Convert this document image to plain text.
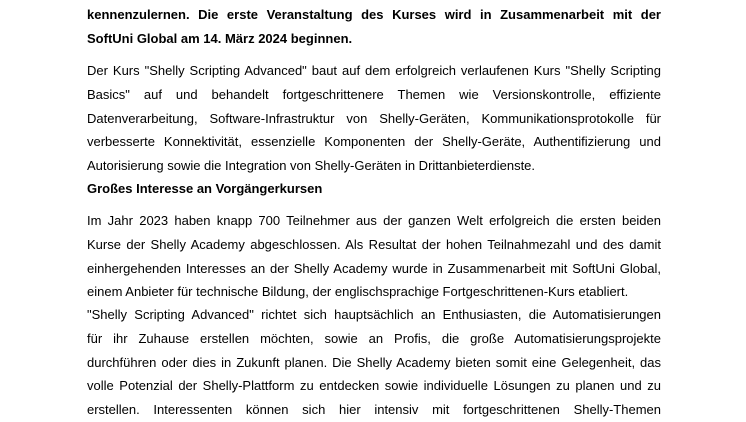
kennenzulernen. Die erste Veranstaltung des Kurses wird in Zusammenarbeit mit der
SoftUni Global am 14. März 2024 beginnen.
Der Kurs "Shelly Scripting Advanced" baut auf dem erfolgreich verlaufenen Kurs "Shelly Scripting
Basics" auf und behandelt fortgeschrittenere Themen wie Versionskontrolle, effiziente
Datenverarbeitung, Software-Infrastruktur von Shelly-Geräten, Kommunikationsprotokolle für
verbesserte Konnektivität, essenzielle Komponenten der Shelly-Geräte, Authentifizierung und
Autorisierung sowie die Integration von Shelly-Geräten in Drittanbieterdienste.
Großes Interesse an Vorgängerkursen
Im Jahr 2023 haben knapp 700 Teilnehmer aus der ganzen Welt erfolgreich die ersten beiden
Kurse der Shelly Academy abgeschlossen. Als Resultat der hohen Teilnahmezahl und des damit
einhergehenden Interesses an der Shelly Academy wurde in Zusammenarbeit mit SoftUni Global,
einem Anbieter für technische Bildung, der englischsprachige Fortgeschrittenen-Kurs etabliert.
"Shelly Scripting Advanced" richtet sich hauptsächlich an Enthusiasten, die Automatisierungen
für ihr Zuhause erstellen möchten, sowie an Profis, die große Automatisierungsprojekte
durchführen oder dies in Zukunft planen. Die Shelly Academy bieten somit eine Gelegenheit, das
volle Potenzial der Shelly-Plattform zu entdecken sowie individuelle Lösungen zu planen und zu
erstellen. Interessenten können sich hier intensiv mit fortgeschrittenen Shelly-Themen
